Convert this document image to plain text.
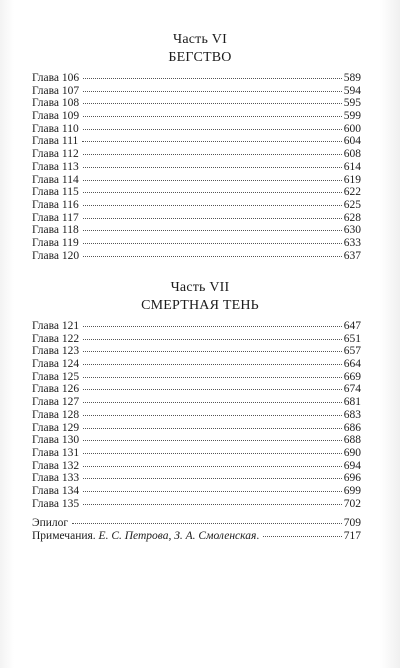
Часть VI
БЕГСТВО
Глава 106	589
Глава 107	594
Глава 108	595
Глава 109	599
Глава 110	600
Глава 111	604
Глава 112	608
Глава 113	614
Глава 114	619
Глава 115	622
Глава 116	625
Глава 117	628
Глава 118	630
Глава 119	633
Глава 120	637
Часть VII
СМЕРТНАЯ ТЕНЬ
Глава 121	647
Глава 122	651
Глава 123	657
Глава 124	664
Глава 125	669
Глава 126	674
Глава 127	681
Глава 128	683
Глава 129	686
Глава 130	688
Глава 131	690
Глава 132	694
Глава 133	696
Глава 134	699
Глава 135	702
Эпилог	709
Примечания. Е. С. Петрова, З. А. Смоленская.	717
